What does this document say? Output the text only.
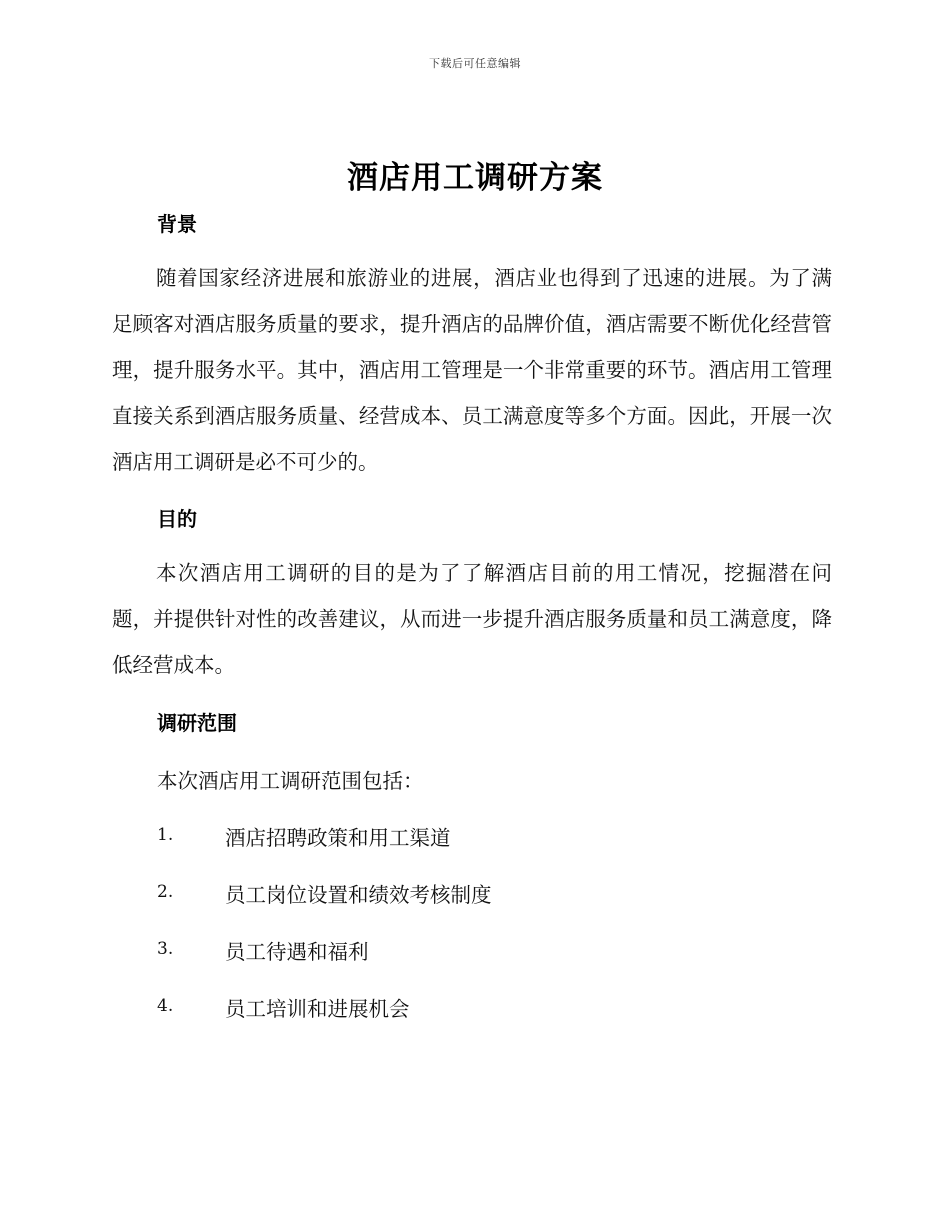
下载后可任意编辑
酒店用工调研方案
背景

随着国家经济进展和旅游业的进展，酒店业也得到了迅速的进展。为了满足顾客对酒店服务质量的要求，提升酒店的品牌价值，酒店需要不断优化经营管理，提升服务水平。其中，酒店用工管理是一个非常重要的环节。酒店用工管理直接关系到酒店服务质量、经营成本、员工满意度等多个方面。因此，开展一次酒店用工调研是必不可少的。

目的

本次酒店用工调研的目的是为了了解酒店目前的用工情况，挖掘潜在问题，并提供针对性的改善建议，从而进一步提升酒店服务质量和员工满意度，降低经营成本。

调研范围
本次酒店用工调研范围包括：
1.	酒店招聘政策和用工渠道
2.	员工岗位设置和绩效考核制度
3.	员工待遇和福利
4.	员工培训和进展机会
